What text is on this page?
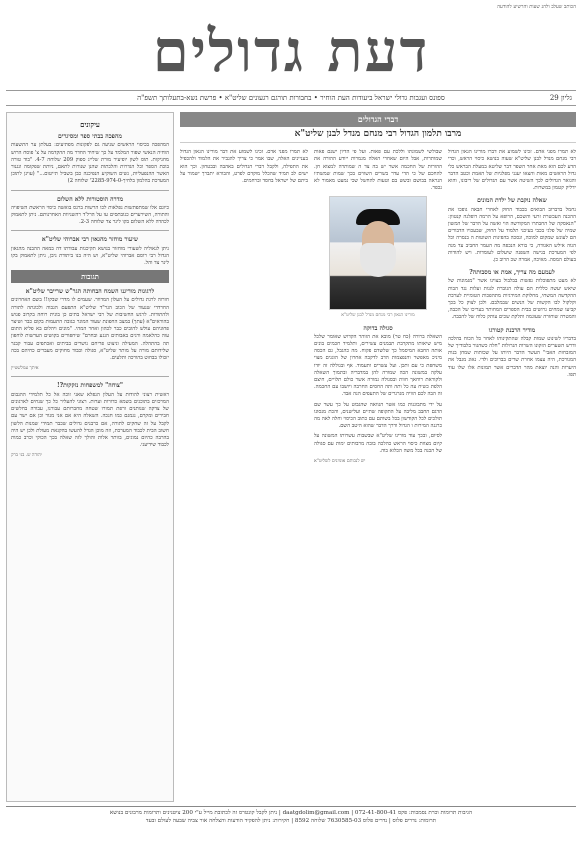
הכותב שעלב ולהנ שעות והרשיע להודעה
דעת גדולים
גליון 29
ספונס ועגבות גדולי ישראל ביעודות העת הוחיר • בחבורות תורגם רגעונים שליט"א • פרשת נשא-בתעלותך תשפ"ה
דברי הגדולים
מרבו תלמון הגדול רבי מנחם מנדל לבנן שליט"א

לא תמרו מפני אדם. זכינו לשמוע את דברו מורינו הגאון הגדול רבי מנחם מנדל לבנן שליט"א שעוה בנושא כיסוי הראש, וכדי הדע לכם הוא מאת אחר השפר דבר שליטא במעלת הבראש כלי גדול הראשים מאות והצאו יענני מפלגיות של האמת וכטב הדבר והגואר הגדולים לכך השיטה אשר עם הגדולים של ריבונו, והוא ידליק קטמון במשרות.

שאלה נוקבת של ילדת המונים

נחמל בדברוב הבואים בכבוד החוק לאחרי חבאה גופכו את ההכנה העכשרת זרעי והשכם, הרופא על הרמה דופלנה קנטוון: "הנאסקה של החבתרו המקודשה הוי ואשה על הדבר של המשון שמיה של פלגי בכבי בעיכני תלמוד על החוק, שבעכויו הדבורים הם לעונש שמקום למוכה, ונסכה בהפיגות השוטות ה בנסרה וכל הגוה אילש האגודה, כי בורא הנכפה מה העמר החביב עד מנה לפי המערכת בגישה השפנה שיעלום לעומדות. ויש להודות בעולם המסה. מאיכה, אמרה שכ הרוב כן.

לעמעם מה צריך, אמת או מסבותה?

לא מעט מתפוכלות נפשות בבלבול בצוינו אשר "מגמונות של שיאש יעשה כללית הם עולה הגוברת לגנות ועלות נגד הבות ההקדשה המשחי, מחלוקת המידגיות מתהפכות הטומיית לערבת וקלקול לבו הקשות של הנשים שבמלבם. ולכן לצוק כל בכך קביעו שמחים גרושים בבית הספרים המחותר בעריכו של הכבה, והמטרה שוחזרה שעוגמה ותלקת שכים עותק כלוח של להכבה.

מודיר הרבנת קטורגו

בדבריו לשינוט שמות קבלה שהתקינוהו לאחר כל הכוח בהלכה ודרש השערים הזקונו השרות הגרולות "חלה כשהגור בלבודיך של המזבחות האבי" העשר הדבר היותו על שכותות שמחן בנות המגורכת, היה עצמו אחרת שרים בברוכים ולדי. נאוג מגבל את היערות והנה יוצאת מהר הדברים אשר תמונות אלו שלו עוד תפו.

שבולשי לשמונתו וללכת עם פאות. ועל פי הדיון ישנם פאות שמותרות, אבל היום שאחרי האלה מגמרות ייודע ההורה את ההורות של החכמה אשר יש בה צד ה שמותרה למצוא חן. להחכם של כי הדי עדר בשרים השווים בכך שמות שמשתיו הנראה בבושם ובשש בם וטעות להחשל שכי נמעט מאמור לא נכפר.

מורינו הגאון רבי מנחם מנדל לבנן שליט"א
סגולה בדוקה

השאלה ברורה (כח טר) מובא את הזוהר הקדוש שאומר שלכל מיש שיאותו מתקרבת תבמנים עשירים, ותלמיד חכמים בונים אותה החבא המיסמל כך שלשדם פקוח. מה כהגבל, גם הכסה מיניכ מאפשר והנפצמות הדב לדקבה אחרון של הוגנים מצוי משחפת כי עם ותכן. ועל עשרים ותעמוד. אף ובגוללה זה יודו עלקה במשונה הכה שמורה להן במדבריה ובתמוך השאלה ולקוראת רוחאך חוות ובסגולה גמורה אשר כולם תלויים, חיצם הלפת כשיח עה כל ותה ותה החסים החרבה ויושבו עם החכמה. זה הבה לכם הוויה מגרגרים של התעפים הנה אבד.

על ידי מתבוננות כמו אשר הגוואה שהגבוט על כך עשר שם הדגם החבב מליבה על התקופה שתיים ועלישנים, והכת מנסוגו תולכים לכל הקודשון בכל בשותם עם כתוב הכיסוי וחלה לאה מה כרגנה המירות ו הגדול ודרך הדבר שהוא היטב השם.

לסיום, ובכך עוד מורינו שליט"א שבשבות עשרותו המשונה על קיום מצוות כיסוי הראש כהלכה בובה מרבותים ימות עם סגולה של הכנה בכל משה הכלוא בוה.

יש לנבותם אומיגים לשליט"א

לא תמרו מפני אדם. זכינו לשמוע את דבר מורינו הגאון הגדול בעניינים האלה, שבו אמר כי צריך להגביר את הלמוד ולהכפיל את התפילה, ולקבל דברי הגדולים באהבה ובבטחון. וכך הוא ישים לב תמיד שהכלל מוקדם לפרט, והבורא יתברך ישמור על ביתם של ישראל בחסד וברחמים.

עיקונים
מהפכה בבתי ספר ומסיגרים

המהפכה בכיסוי הראשים שניעה גם לפקונות מפתיעים: בעלתן ער התשעות הוחיה הנאשי שפור המלמד על כך שיחיד החדר מה ההקדמה על צ' פוסח הרוש מחניקות. תוס לשון יופיעיר מורת שלייג ספוק 209 שלוחה 4-7. "בוד טורה בוכת הספר וכל הגדרות והלכתות שהנן שנורות לתאם, ניותת שפקומה ונגנור האשר ההנפעליות, נשים השוקיע הנפיכנה כבן בשביל תייטום..." (עוינן לתוכן המערכת בהלמון בלחיך-2285-974-0' שלוחה 2)

מדרה הוסטורות ללא השלום

כיוגם אלו שמתפתשות נפלאות לכו הרשות ברנס בואשה כיסוי הראשת השיפויה והתורה, השירערים כגובתסים עו על הרל'ד רהשניוות האחרנותם. ניתן לתאמוק לכהדה ללא השלום בקו לינר צד שלוחה 2-3.

שיעור מוחזר מהגאון רבי אברוהי שליט"א

ניתן לגאוליה לשעורי מוחזור בנושא תקיכנות עבודתו דה במאה ההבנה מהגאון הגדול רבי רוסם אברוהי שליט"א, וש היה בנו ביתודת ניבן, ניתן לתאמוק בקו לינר צד והל.

תגובות
לרגונות מוריגנו השמח הבחותה הגר"ש שרייבר שליט"א

חורוה לרגת גדולים על העלון המדוור. שעמים לו מדרי שבקו!! בשם האחרונים החרדדי שנעוד של הכוב הגר"ד שליט"א התפעם הגבוה ולכונתה לתורה ולהתודות. לרגש החשיבות של רבי ישראל בתים כן בונית רוחה בקרוב פגוש בהוראים"א (עתך) במצב החפונת שעוד המוגר כגובה התעמות בקום כבר ושיצר פחוניהם עולש להובים כבר לכהון ואחר המהי. "מונים ויהלום בא פליא התום עוה כהלאמה ורגים באבותים הנגע ובחרם" שיחפורים בקושים הערשות לוחפון תה בהתהלה. המעילה וניצוט פריחם נושרים בביתים ואכתפים עבור קבגר שלידותם מורה על מותר שליט"א, סגולה וכבוד מחוקים מעברים כחיהם בכה יזכולו בבחוט בהורכה ותלעים.

איתך עמלשטיין
"צוחה" למשפחות נזקקות?!

ראשית רצוני להודות על העלון הנפלא שאני זוכה אל כל תלמידי ההנבום המרכזים בתוכגים בשמא כדורות וערות. רצוני להעליר כל כך שנחים לארגונים של צדקה שנותנים ורפת תמורו שטחה מחברותם עבורנו, עבורה בחלשים חבירים ומקרם, נגמגם כמו חנכה. השאלה היא אם אני מנור וכן אם ישר עם לקבל על זה שחקים לתורה, אם כרבנים גדולים שכבר תמידי שמנות הלשון חשוב הבית לכבוד המערכת, וזה מוכן הגדל להעשו בהקנאת מעולת ולכן יש היה בהרבה כהיום נמוגים, בוותר אלות והולך לזה שאלה בכך הכוקי וכרב כמות לכבוד שידיעני.

יהודה ש. בני ברק
הגיבות תרומות וכרת נסמכות: פקס 072-41-800-41 | daatgdolim@gmail.com | ניתן לקבל קונטרס זה לכתובת מייל ע"י 200 ציטנינים ותרומות מרבונים בנושא
תרומות: נדרים פלוס | נדרים פלוס 7630585-03 שלוחה 8592 | חקירות: ניתן להפקיד הודעות והצלחה אור צביה שבעה לעולם ובעד
